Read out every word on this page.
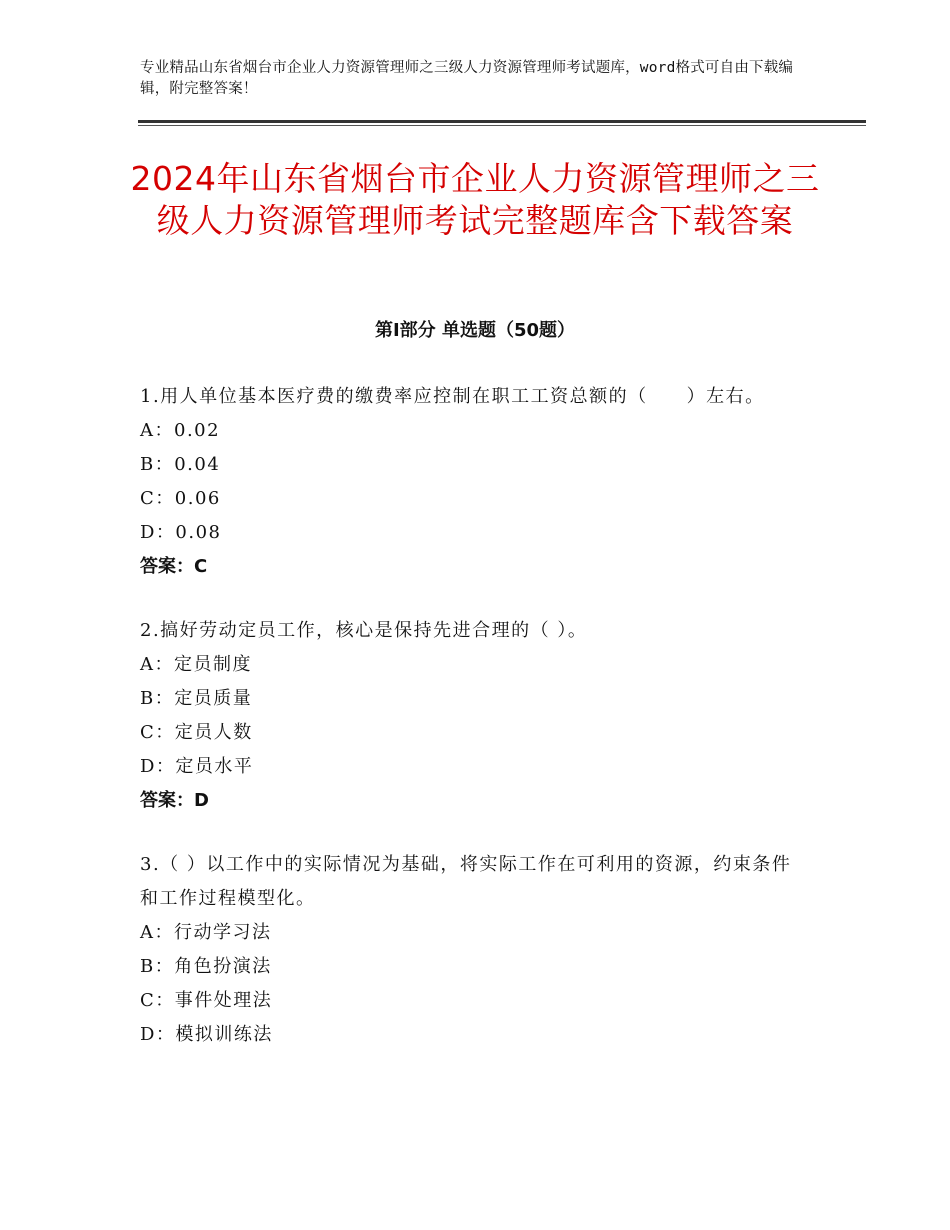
专业精品山东省烟台市企业人力资源管理师之三级人力资源管理师考试题库，word格式可自由下载编辑，附完整答案！
2024年山东省烟台市企业人力资源管理师之三级人力资源管理师考试完整题库含下载答案
第Ⅰ部分 单选题（50题）
1.用人单位基本医疗费的缴费率应控制在职工工资总额的（　　）左右。
A：0.02
B：0.04
C：0.06
D：0.08
答案：C
2.搞好劳动定员工作，核心是保持先进合理的（ ）。
A：定员制度
B：定员质量
C：定员人数
D：定员水平
答案：D
3.（ ）以工作中的实际情况为基础，将实际工作在可利用的资源，约束条件和工作过程模型化。
A：行动学习法
B：角色扮演法
C：事件处理法
D：模拟训练法
